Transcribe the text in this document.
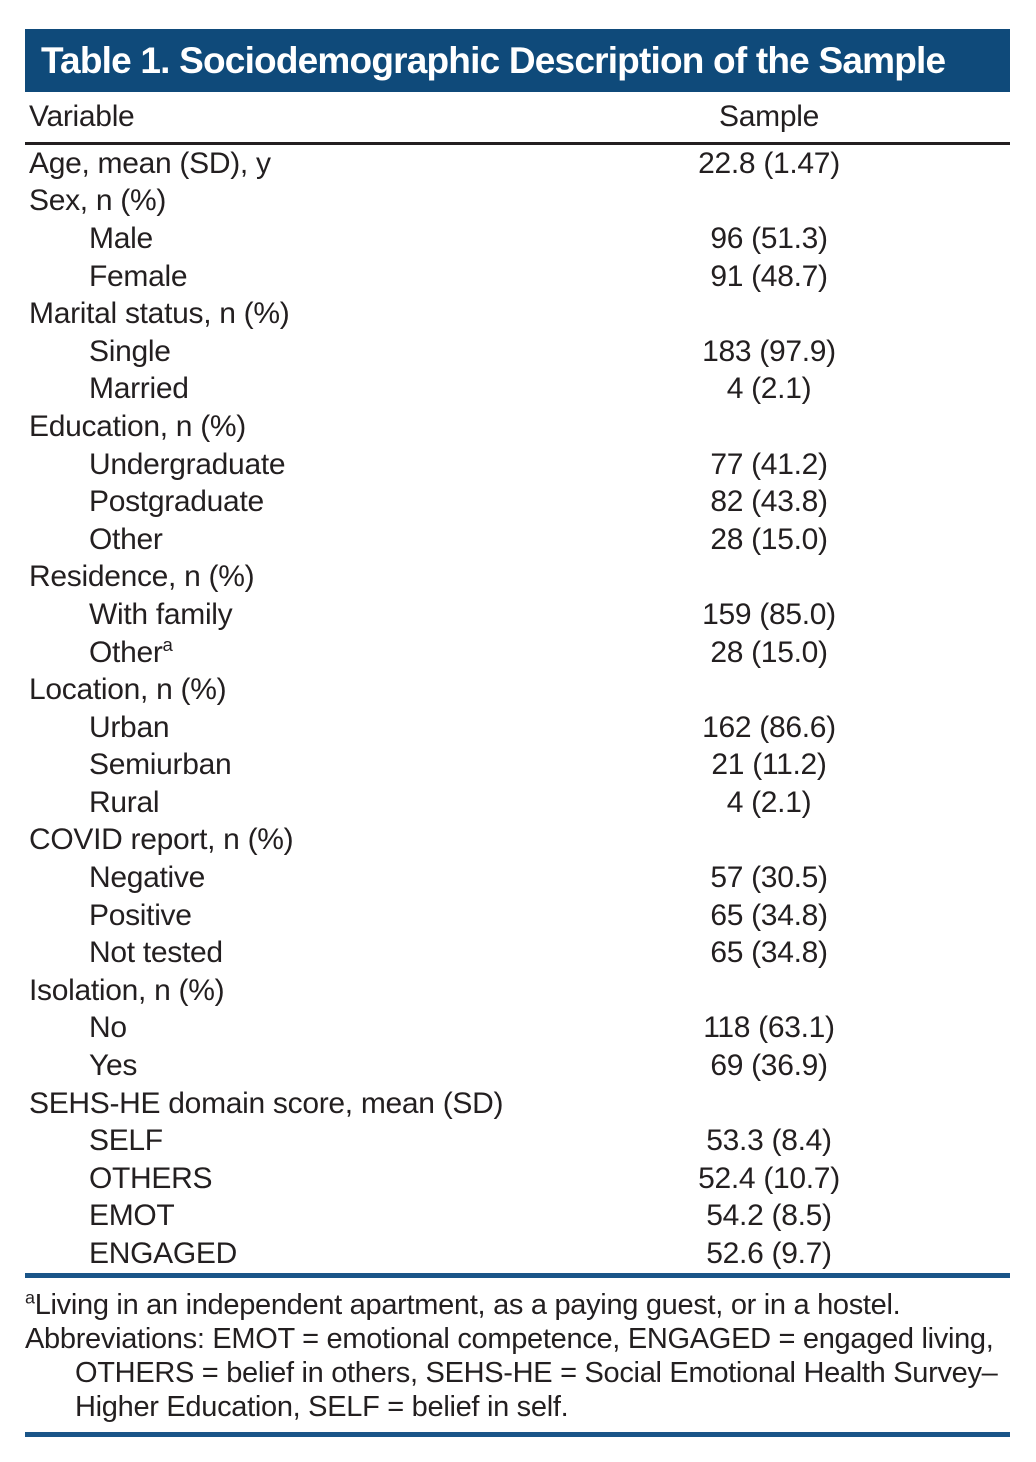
Table 1. Sociodemographic Description of the Sample
Variable	Sample
Age, mean (SD), y	22.8 (1.47)
Sex, n (%)
Male	96 (51.3)
Female	91 (48.7)
Marital status, n (%)
Single	183 (97.9)
Married	4 (2.1)
Education, n (%)
Undergraduate	77 (41.2)
Postgraduate	82 (43.8)
Other	28 (15.0)
Residence, n (%)
With family	159 (85.0)
Other$^a$	28 (15.0)
Location, n (%)
Urban	162 (86.6)
Semiurban	21 (11.2)
Rural	4 (2.1)
COVID report, n (%)
Negative	57 (30.5)
Positive	65 (34.8)
Not tested	65 (34.8)
Isolation, n (%)
No	118 (63.1)
Yes	69 (36.9)
SEHS-HE domain score, mean (SD)
SELF	53.3 (8.4)
OTHERS	52.4 (10.7)
EMOT	54.2 (8.5)
ENGAGED	52.6 (9.7)

$^a$Living in an independent apartment, as a paying guest, or in a hostel.

Abbreviations: EMOT = emotional competence, ENGAGED = engaged living, OTHERS = belief in others, SEHS-HE = Social Emotional Health Survey–Higher Education, SELF = belief in self.
